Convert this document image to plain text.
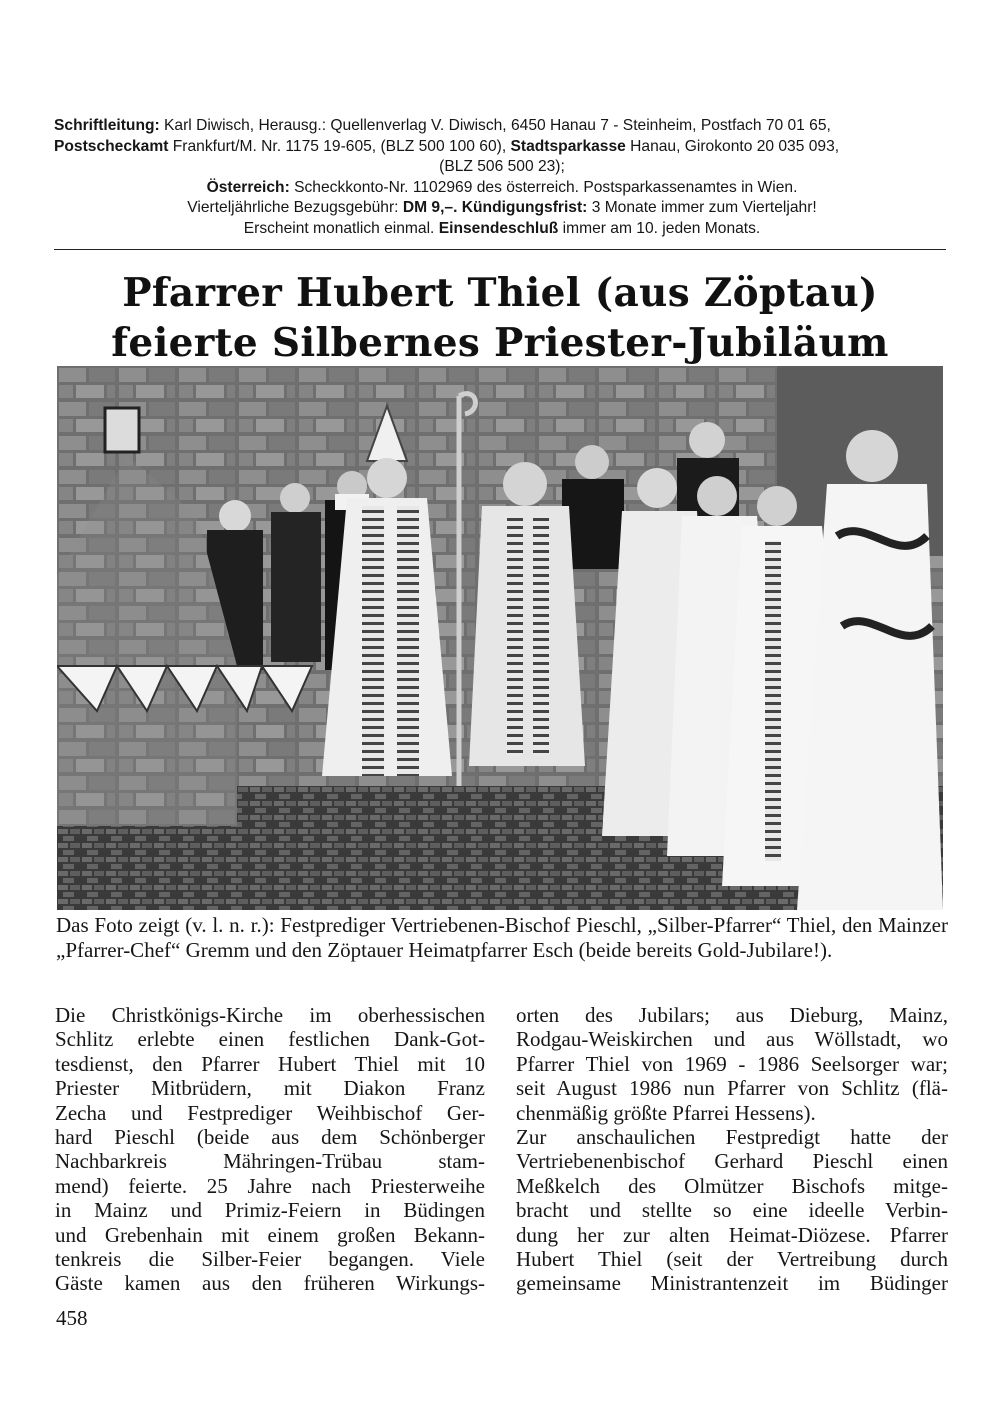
Schriftleitung: Karl Diwisch, Herausg.: Quellenverlag V. Diwisch, 6450 Hanau 7 - Steinheim, Postfach 70 01 65,
Postscheckamt Frankfurt/M. Nr. 1175 19-605, (BLZ 500 100 60), Stadtsparkasse Hanau, Girokonto 20 035 093,
(BLZ 506 500 23);
Österreich: Scheckkonto-Nr. 1102969 des österreich. Postsparkassenamtes in Wien.
Vierteljährliche Bezugsgebühr: DM 9,–. Kündigungsfrist: 3 Monate immer zum Vierteljahr!
Erscheint monatlich einmal. Einsendeschluß immer am 10. jeden Monats.
Pfarrer Hubert Thiel (aus Zöptau)
feierte Silbernes Priester-Jubiläum
Das Foto zeigt (v. l. n. r.): Festprediger Vertriebenen-Bischof Pieschl, „Silber-Pfarrer“ Thiel, den Mainzer „Pfarrer-Chef“ Gremm und den Zöptauer Heimatpfarrer Esch (beide bereits Gold-Jubilare!).
Die Christkönigs-Kirche im oberhessischen
Schlitz erlebte einen festlichen Dank-Got-
tesdienst, den Pfarrer Hubert Thiel mit 10
Priester Mitbrüdern, mit Diakon Franz
Zecha und Festprediger Weihbischof Ger-
hard Pieschl (beide aus dem Schönberger
Nachbarkreis Mähringen-Trübau stam-
mend) feierte. 25 Jahre nach Priesterweihe
in Mainz und Primiz-Feiern in Büdingen
und Grebenhain mit einem großen Bekann-
tenkreis die Silber-Feier begangen. Viele
Gäste kamen aus den früheren Wirkungs-
orten des Jubilars; aus Dieburg, Mainz,
Rodgau-Weiskirchen und aus Wöllstadt, wo
Pfarrer Thiel von 1969 - 1986 Seelsorger war;
seit August 1986 nun Pfarrer von Schlitz (flä-
chenmäßig größte Pfarrei Hessens).
Zur anschaulichen Festpredigt hatte der
Vertriebenenbischof Gerhard Pieschl einen
Meßkelch des Olmützer Bischofs mitge-
bracht und stellte so eine ideelle Verbin-
dung her zur alten Heimat-Diözese. Pfarrer
Hubert Thiel (seit der Vertreibung durch
gemeinsame Ministrantenzeit im Büdinger
458
